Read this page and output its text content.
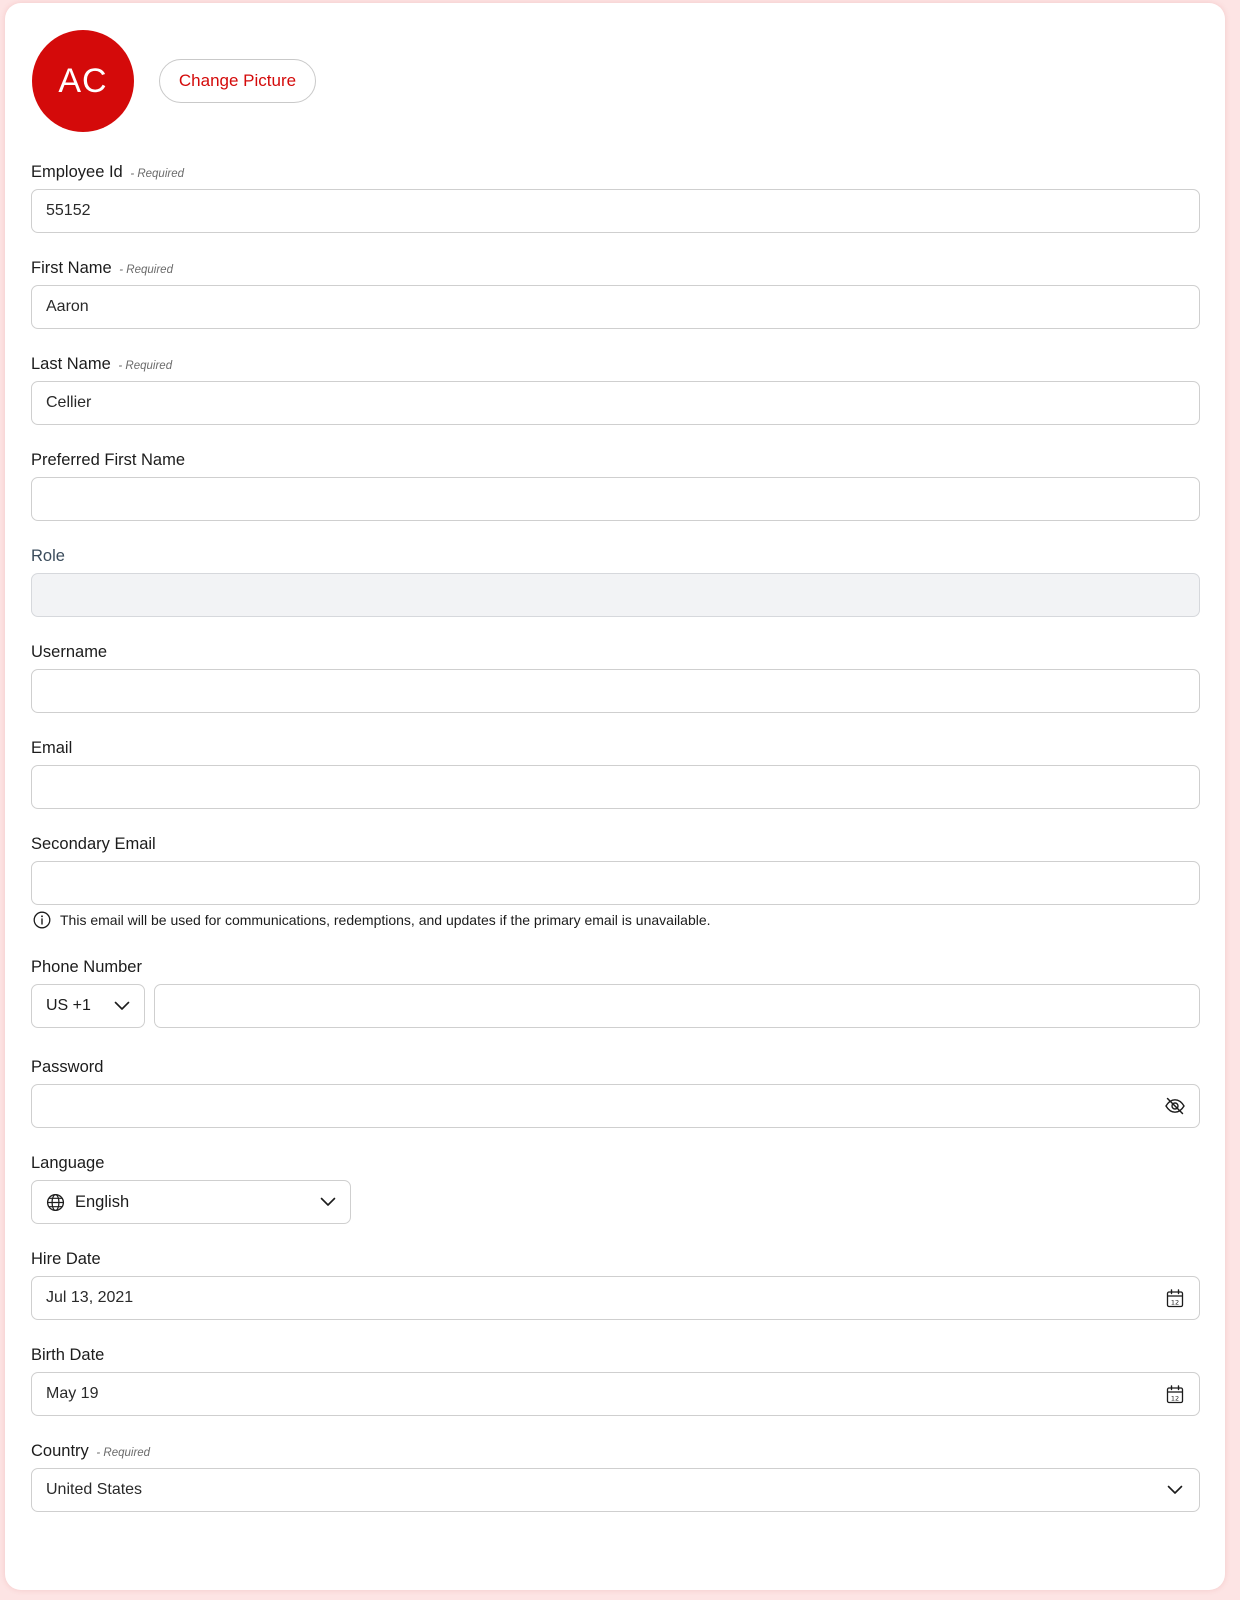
AC	Change Picture
Employee Id - Required
55152
First Name - Required
Aaron
Last Name - Required
Cellier
Preferred First Name
Role
Username
Email
Secondary Email
This email will be used for communications, redemptions, and updates if the primary email is unavailable.
Phone Number
US +1
Password
Language
English
Hire Date
Jul 13, 2021	12
Birth Date
May 19	12
Country - Required
United States
